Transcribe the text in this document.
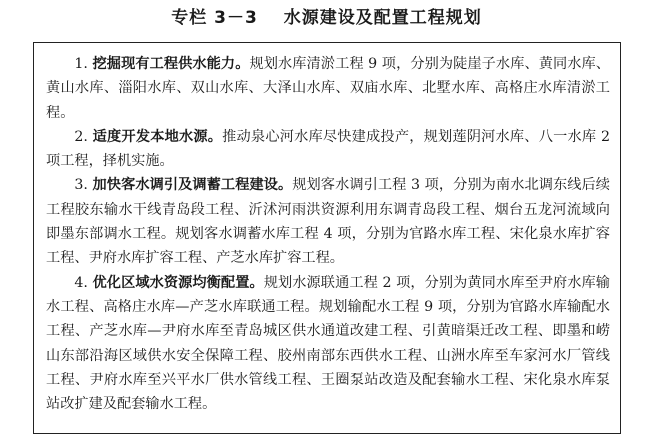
专栏 3－3 水源建设及配置工程规划

1. 挖掘现有工程供水能力。规划水库清淤工程 9 项，分别为陡崖子水库、黄同水库、黄山水库、淄阳水库、双山水库、大泽山水库、双庙水库、北墅水库、高格庄水库清淤工程。

2. 适度开发本地水源。推动泉心河水库尽快建成投产，规划莲阴河水库、八一水库 2 项工程，择机实施。

3. 加快客水调引及调蓄工程建设。规划客水调引工程 3 项，分别为南水北调东线后续工程胶东输水干线青岛段工程、沂沭河雨洪资源利用东调青岛段工程、烟台五龙河流域向即墨东部调水工程。规划客水调蓄水库工程 4 项，分别为官路水库工程、宋化泉水库扩容工程、尹府水库扩容工程、产芝水库扩容工程。

4. 优化区域水资源均衡配置。规划水源联通工程 2 项，分别为黄同水库至尹府水库输水工程、高格庄水库—产芝水库联通工程。规划输配水工程 9 项，分别为官路水库输配水工程、产芝水库—尹府水库至青岛城区供水通道改建工程、引黄暗渠迁改工程、即墨和崂山东部沿海区域供水安全保障工程、胶州南部东西供水工程、山洲水库至车家河水厂管线工程、尹府水库至兴平水厂供水管线工程、王圈泵站改造及配套输水工程、宋化泉水库泵站改扩建及配套输水工程。
